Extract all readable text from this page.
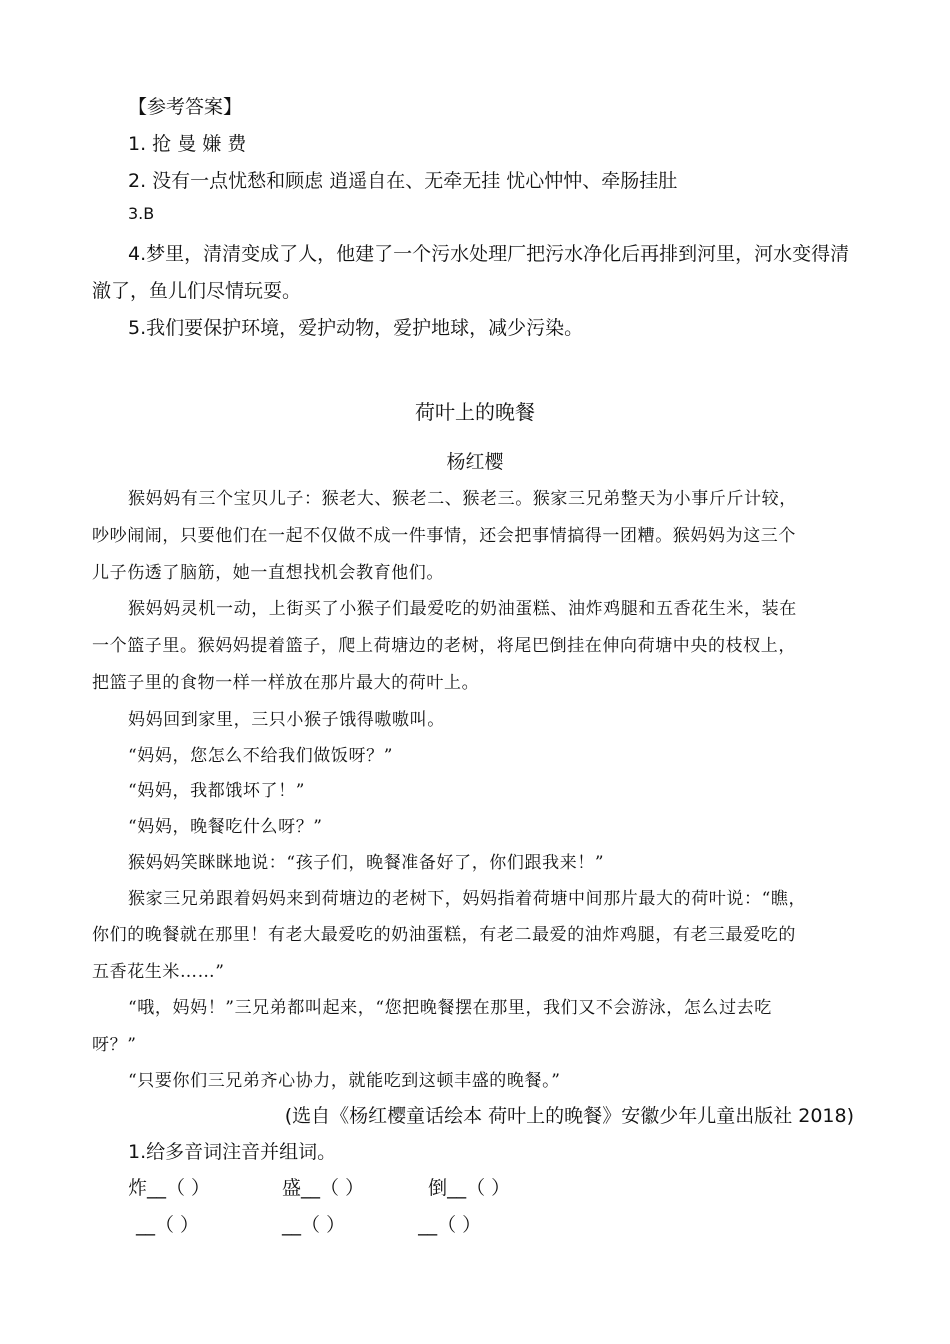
【参考答案】
1. 抢 曼 嫌 费
2. 没有一点忧愁和顾虑 逍遥自在、无牵无挂 忧心忡忡、牵肠挂肚
3.B
4.梦里，清清变成了人，他建了一个污水处理厂把污水净化后再排到河里，河水变得清
澈了，鱼儿们尽情玩耍。
5.我们要保护环境，爱护动物，爱护地球，减少污染。
荷叶上的晚餐
杨红樱
猴妈妈有三个宝贝儿子：猴老大、猴老二、猴老三。猴家三兄弟整天为小事斤斤计较，
吵吵闹闹，只要他们在一起不仅做不成一件事情，还会把事情搞得一团糟。猴妈妈为这三个
儿子伤透了脑筋，她一直想找机会教育他们。
猴妈妈灵机一动，上街买了小猴子们最爱吃的奶油蛋糕、油炸鸡腿和五香花生米，装在
一个篮子里。猴妈妈提着篮子，爬上荷塘边的老树，将尾巴倒挂在伸向荷塘中央的枝杈上，
把篮子里的食物一样一样放在那片最大的荷叶上。
妈妈回到家里，三只小猴子饿得嗷嗷叫。
“妈妈，您怎么不给我们做饭呀？”
“妈妈，我都饿坏了！”
“妈妈，晚餐吃什么呀？”
猴妈妈笑眯眯地说：“孩子们，晚餐准备好了，你们跟我来！”
猴家三兄弟跟着妈妈来到荷塘边的老树下，妈妈指着荷塘中间那片最大的荷叶说：“瞧，
你们的晚餐就在那里！有老大最爱吃的奶油蛋糕，有老二最爱的油炸鸡腿，有老三最爱吃的
五香花生米……”
“哦，妈妈！”三兄弟都叫起来，“您把晚餐摆在那里，我们又不会游泳，怎么过去吃
呀？”
“只要你们三兄弟齐心协力，就能吃到这顿丰盛的晚餐。”
(选自《杨红樱童话绘本 荷叶上的晚餐》安徽少年儿童出版社 2018)
1.给多音词注音并组词。
炸__（ ）	盛__（ ）	倒__（ ）
__（ ）	__（ ）	__（ ）
